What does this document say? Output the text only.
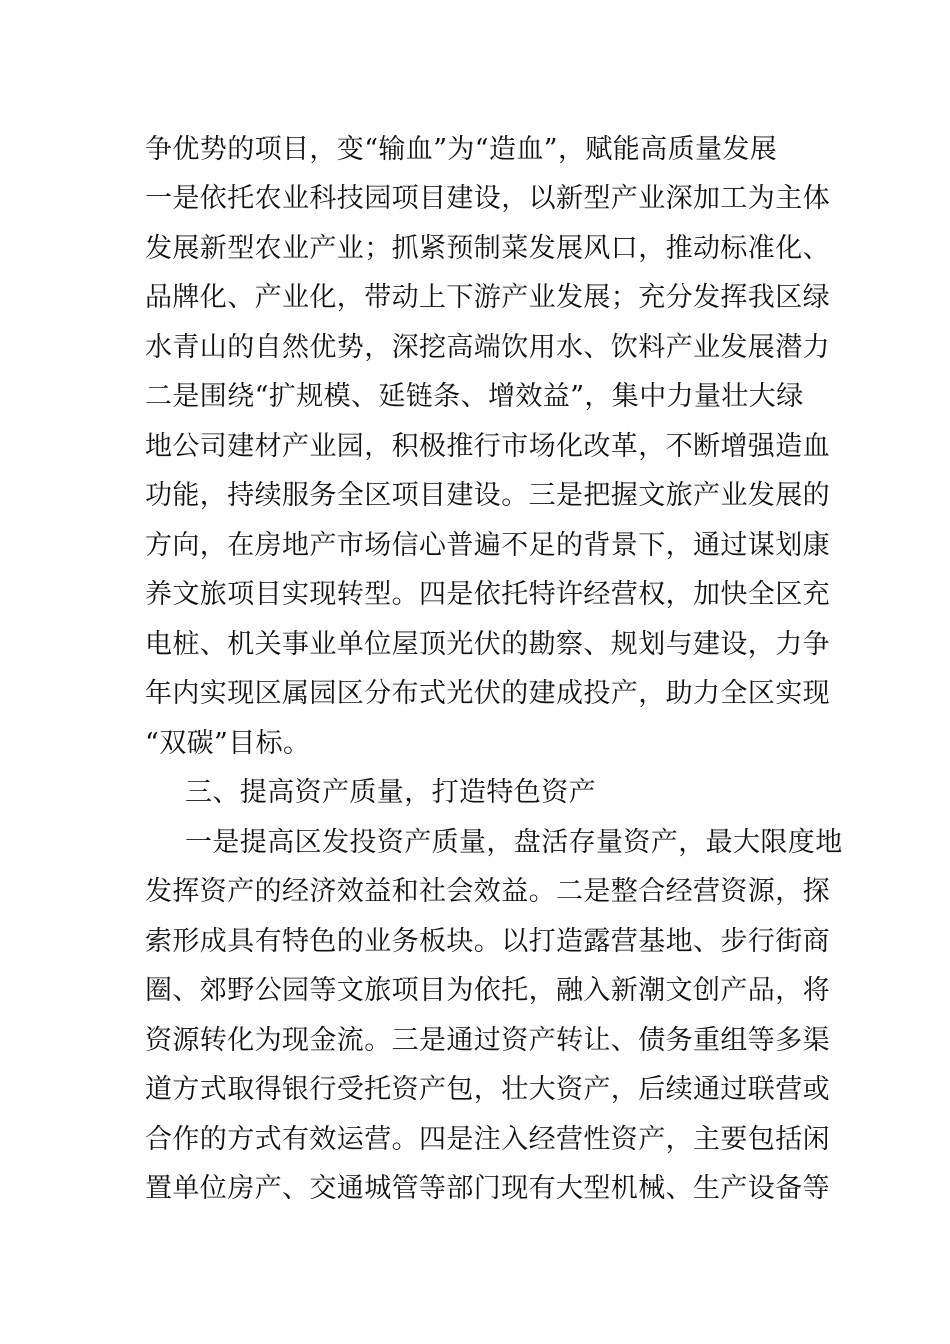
争优势的项目，变“输血”为“造血”，赋能高质量发展
一是依托农业科技园项目建设，以新型产业深加工为主体
发展新型农业产业；抓紧预制菜发展风口，推动标准化、
品牌化、产业化，带动上下游产业发展；充分发挥我区绿
水青山的自然优势，深挖高端饮用水、饮料产业发展潜力
二是围绕“扩规模、延链条、增效益”，集中力量壮大绿
地公司建材产业园，积极推行市场化改革，不断增强造血
功能，持续服务全区项目建设。三是把握文旅产业发展的
方向，在房地产市场信心普遍不足的背景下，通过谋划康
养文旅项目实现转型。四是依托特许经营权，加快全区充
电桩、机关事业单位屋顶光伏的勘察、规划与建设，力争
年内实现区属园区分布式光伏的建成投产，助力全区实现
“双碳”目标。
三、提高资产质量，打造特色资产
一是提高区发投资产质量，盘活存量资产，最大限度地
发挥资产的经济效益和社会效益。二是整合经营资源，探
索形成具有特色的业务板块。以打造露营基地、步行街商
圈、郊野公园等文旅项目为依托，融入新潮文创产品，将
资源转化为现金流。三是通过资产转让、债务重组等多渠
道方式取得银行受托资产包，壮大资产，后续通过联营或
合作的方式有效运营。四是注入经营性资产，主要包括闲
置单位房产、交通城管等部门现有大型机械、生产设备等
